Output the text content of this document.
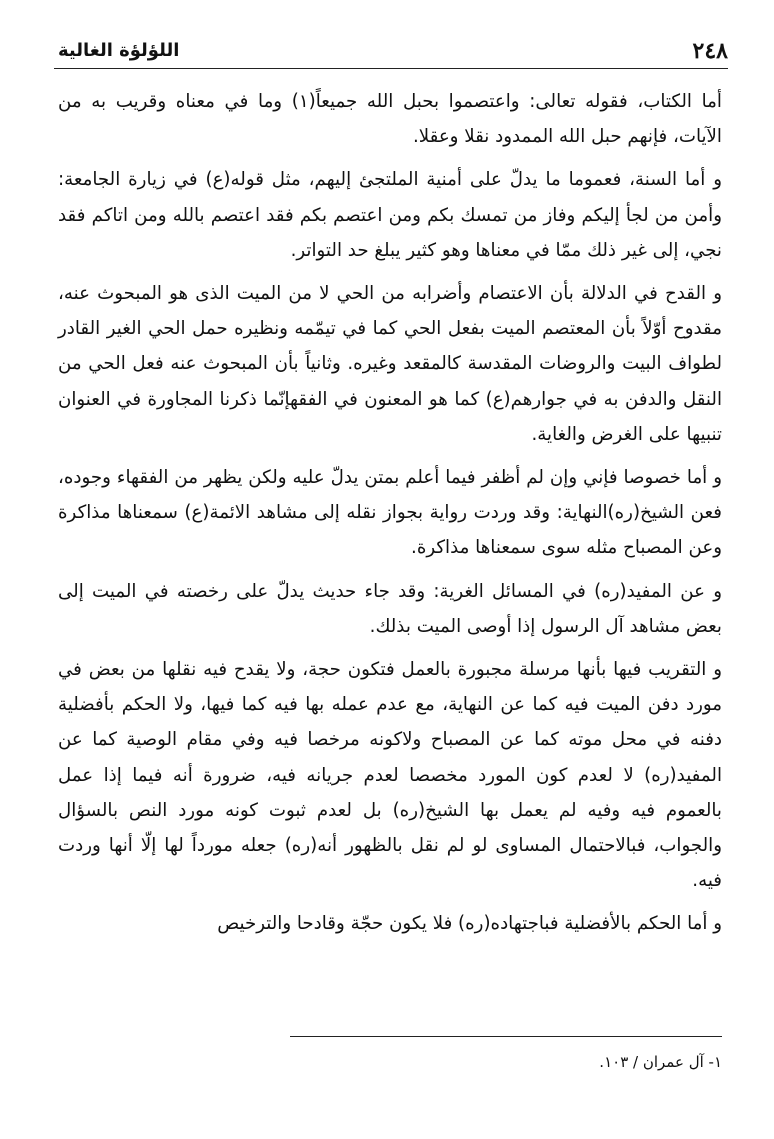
٢٤٨
اللؤلؤة الغالية

أما الكتاب، فقوله تعالى: واعتصموا بحبل الله جميعاً(١) وما في معناه وقريب به من الآيات، فإنهم حبل الله الممدود نقلا وعقلا.

و أما السنة، فعموما ما يدلّ على أمنية الملتجئ إليهم، مثل قوله(ع) في زيارة الجامعة: وأمن من لجأ إليكم وفاز من تمسك بكم ومن اعتصم بكم فقد اعتصم بالله ومن اتاكم فقد نجي، إلى غير ذلك ممّا في معناها وهو كثير يبلغ حد التواتر.

و القدح في الدلالة بأن الاعتصام وأضرابه من الحي لا من الميت الذى هو المبحوث عنه، مقدوح أوّلاً بأن المعتصم الميت بفعل الحي كما في تيمّمه ونظيره حمل الحي الغير القادر لطواف البيت والروضات المقدسة كالمقعد وغيره. وثانياً بأن المبحوث عنه فعل الحي من النقل والدفن به في جوارهم(ع) كما هو المعنون في الفقهإنّما ذكرنا المجاورة في العنوان تنبيها على الغرض والغاية.

و أما خصوصا فإني وإن لم أظفر فيما أعلم بمتن يدلّ عليه ولكن يظهر من الفقهاء وجوده، فعن الشيخ(ره)النهاية: وقد وردت رواية بجواز نقله إلى مشاهد الائمة(ع) سمعناها مذاكرة وعن المصباح مثله سوى سمعناها مذاكرة.

و عن المفيد(ره) في المسائل الغرية: وقد جاء حديث يدلّ على رخصته في الميت إلى بعض مشاهد آل الرسول إذا أوصى الميت بذلك.

و التقريب فيها بأنها مرسلة مجبورة بالعمل فتكون حجة، ولا يقدح فيه نقلها من بعض في مورد دفن الميت فيه كما عن النهاية، مع عدم عمله بها فيه كما فيها، ولا الحكم بأفضلية دفنه في محل موته كما عن المصباح ولاكونه مرخصا فيه وفي مقام الوصية كما عن المفيد(ره) لا لعدم كون المورد مخصصا لعدم جريانه فيه، ضرورة أنه فيما إذا عمل بالعموم فيه وفيه لم يعمل بها الشيخ(ره) بل لعدم ثبوت كونه مورد النص بالسؤال والجواب، فبالاحتمال المساوى لو لم نقل بالظهور أنه(ره) جعله مورداً لها إلّا أنها وردت فيه.

و أما الحكم بالأفضلية فباجتهاده(ره) فلا يكون حجّة وقادحا والترخيص

١- آل عمران / ١٠٣.
